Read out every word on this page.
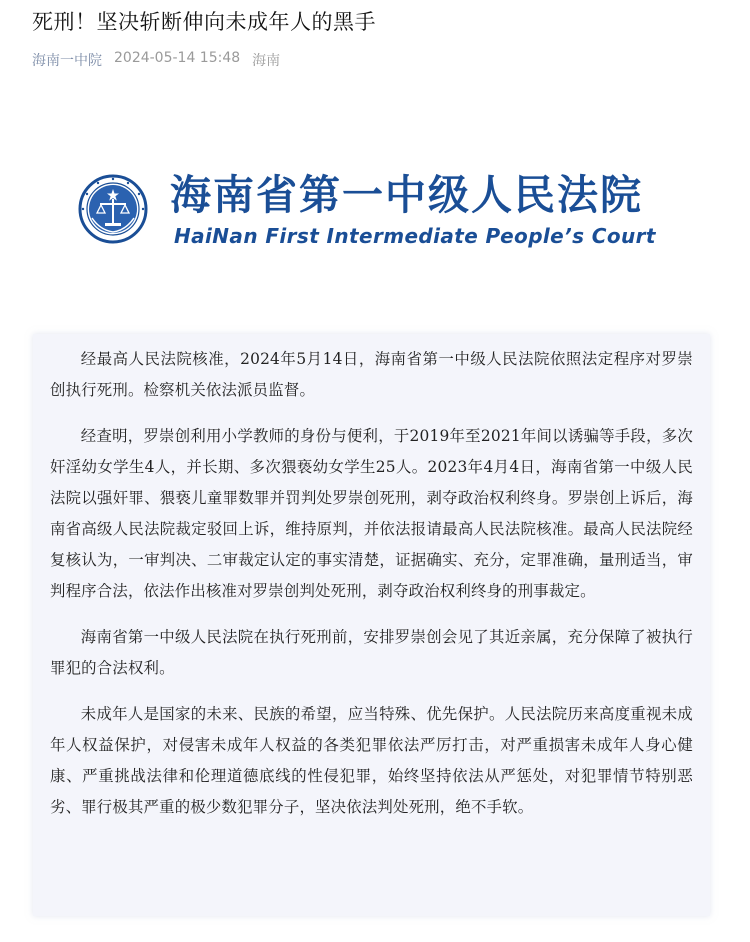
死刑！坚决斩断伸向未成年人的黑手
海南一中院 2024-05-14 15:48 海南
海南省第一中级人民法院
HaiNan First Intermediate People’s Court

经最高人民法院核准，2024年5月14日，海南省第一中级人民法院依照法定程序对罗崇创执行死刑。检察机关依法派员监督。

经查明，罗崇创利用小学教师的身份与便利，于2019年至2021年间以诱骗等手段，多次奸淫幼女学生4人，并长期、多次猥亵幼女学生25人。2023年4月4日，海南省第一中级人民法院以强奸罪、猥亵儿童罪数罪并罚判处罗崇创死刑，剥夺政治权利终身。罗崇创上诉后，海南省高级人民法院裁定驳回上诉，维持原判，并依法报请最高人民法院核准。最高人民法院经复核认为，一审判决、二审裁定认定的事实清楚，证据确实、充分，定罪准确，量刑适当，审判程序合法，依法作出核准对罗崇创判处死刑，剥夺政治权利终身的刑事裁定。

海南省第一中级人民法院在执行死刑前，安排罗崇创会见了其近亲属，充分保障了被执行罪犯的合法权利。

未成年人是国家的未来、民族的希望，应当特殊、优先保护。人民法院历来高度重视未成年人权益保护，对侵害未成年人权益的各类犯罪依法严厉打击，对严重损害未成年人身心健康、严重挑战法律和伦理道德底线的性侵犯罪，始终坚持依法从严惩处，对犯罪情节特别恶劣、罪行极其严重的极少数犯罪分子，坚决依法判处死刑，绝不手软。
